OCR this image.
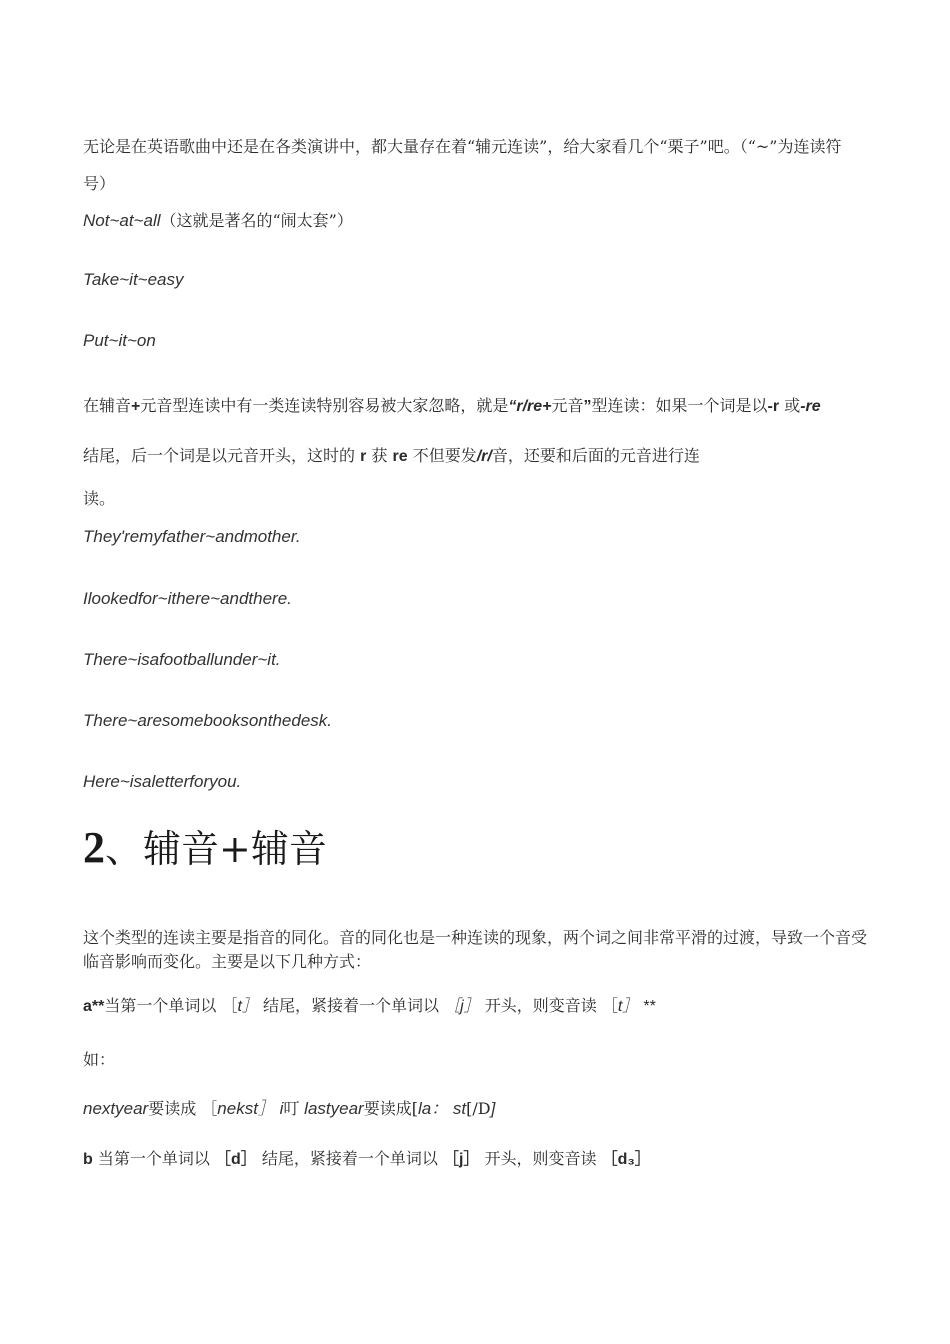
无论是在英语歌曲中还是在各类演讲中，都大量存在着“辅元连读”，给大家看几个“栗子”吧。（“~”为连读符号）
Not~at~all（这就是著名的“闹太套”）
Take~it~easy
Put~it~on
在辅音+元音型连读中有一类连读特别容易被大家忽略，就是“r/re+元音”型连读：如果一个词是以-r 或-re
结尾，后一个词是以元音开头，这时的 r 获 re 不但要发/r/音，还要和后面的元音进行连
读。
They'remyfather~andmother.
Ilookedfor~ithere~andthere.
There~isafootballunder~it.
There~aresomebooksonthedesk.
Here~isaletterforyou.
2、辅音+辅音
这个类型的连读主要是指音的同化。音的同化也是一种连读的现象，两个词之间非常平滑的过渡，导致一个音受临音影响而变化。主要是以下几种方式：
a**当第一个单词以 ［t］ 结尾，紧接着一个单词以 ［j］ 开头，则变音读 ［t］ **
如：
nextyear要读成 ［nekst］ i叮 lastyear要读成[la： st[/D]
b 当第一个单词以 ［d］ 结尾，紧接着一个单词以 ［j］ 开头，则变音读 ［d₃］
